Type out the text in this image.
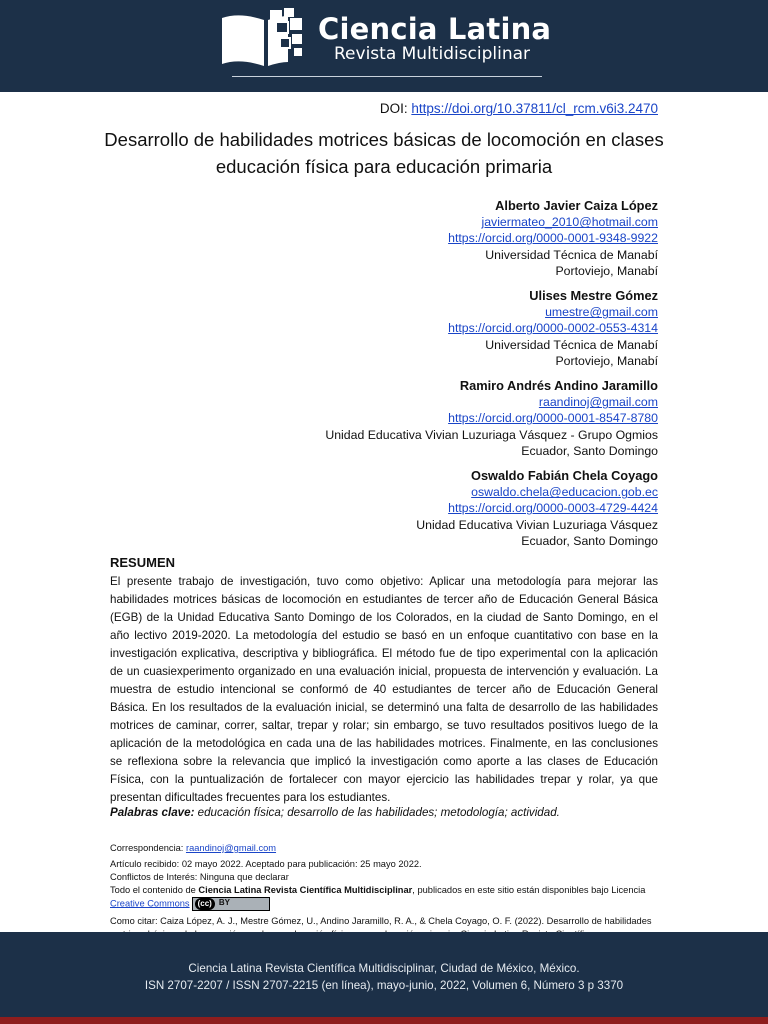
Ciencia Latina
Revista Multidisciplinar
DOI: https://doi.org/10.37811/cl_rcm.v6i3.2470
Desarrollo de habilidades motrices básicas de locomoción en clases educación física para educación primaria
Alberto Javier Caiza López
javiermateo_2010@hotmail.com
https://orcid.org/0000-0001-9348-9922
Universidad Técnica de Manabí
Portoviejo, Manabí
Ulises Mestre Gómez
umestre@gmail.com
https://orcid.org/0000-0002-0553-4314
Universidad Técnica de Manabí
Portoviejo, Manabí
Ramiro Andrés Andino Jaramillo
raandinoj@gmail.com
https://orcid.org/0000-0001-8547-8780
Unidad Educativa Vivian Luzuriaga Vásquez - Grupo Ogmios
Ecuador, Santo Domingo
Oswaldo Fabián Chela Coyago
oswaldo.chela@educacion.gob.ec
https://orcid.org/0000-0003-4729-4424
Unidad Educativa Vivian Luzuriaga Vásquez
Ecuador, Santo Domingo
RESUMEN
El presente trabajo de investigación, tuvo como objetivo: Aplicar una metodología para mejorar las habilidades motrices básicas de locomoción en estudiantes de tercer año de Educación General Básica (EGB) de la Unidad Educativa Santo Domingo de los Colorados, en la ciudad de Santo Domingo, en el año lectivo 2019-2020. La metodología del estudio se basó en un enfoque cuantitativo con base en la investigación explicativa, descriptiva y bibliográfica. El método fue de tipo experimental con la aplicación de un cuasiexperimento organizado en una evaluación inicial, propuesta de intervención y evaluación. La muestra de estudio intencional se conformó de 40 estudiantes de tercer año de Educación General Básica. En los resultados de la evaluación inicial, se determinó una falta de desarrollo de las habilidades motrices de caminar, correr, saltar, trepar y rolar; sin embargo, se tuvo resultados positivos luego de la aplicación de la metodológica en cada una de las habilidades motrices. Finalmente, en las conclusiones se reflexiona sobre la relevancia que implicó la investigación como aporte a las clases de Educación Física, con la puntualización de fortalecer con mayor ejercicio las habilidades trepar y rolar, ya que presentan dificultades frecuentes para los estudiantes.
Palabras clave: educación física; desarrollo de las habilidades; metodología; actividad.
Correspondencia: raandinoj@gmail.com
Artículo recibido: 02 mayo 2022. Aceptado para publicación: 25 mayo 2022.
Conflictos de Interés: Ninguna que declarar
Todo el contenido de Ciencia Latina Revista Científica Multidisciplinar, publicados en este sitio están disponibles bajo Licencia Creative Commons	(cc) BY
Como citar: Caiza López, A. J., Mestre Gómez, U., Andino Jaramillo, R. A., & Chela Coyago, O. F. (2022). Desarrollo de habilidades
Ciencia Latina Revista Científica Multidisciplinar, Ciudad de México, México.
ISN 2707-2207 / ISSN 2707-2215 (en línea), mayo-junio, 2022, Volumen 6, Número 3 p 3370
